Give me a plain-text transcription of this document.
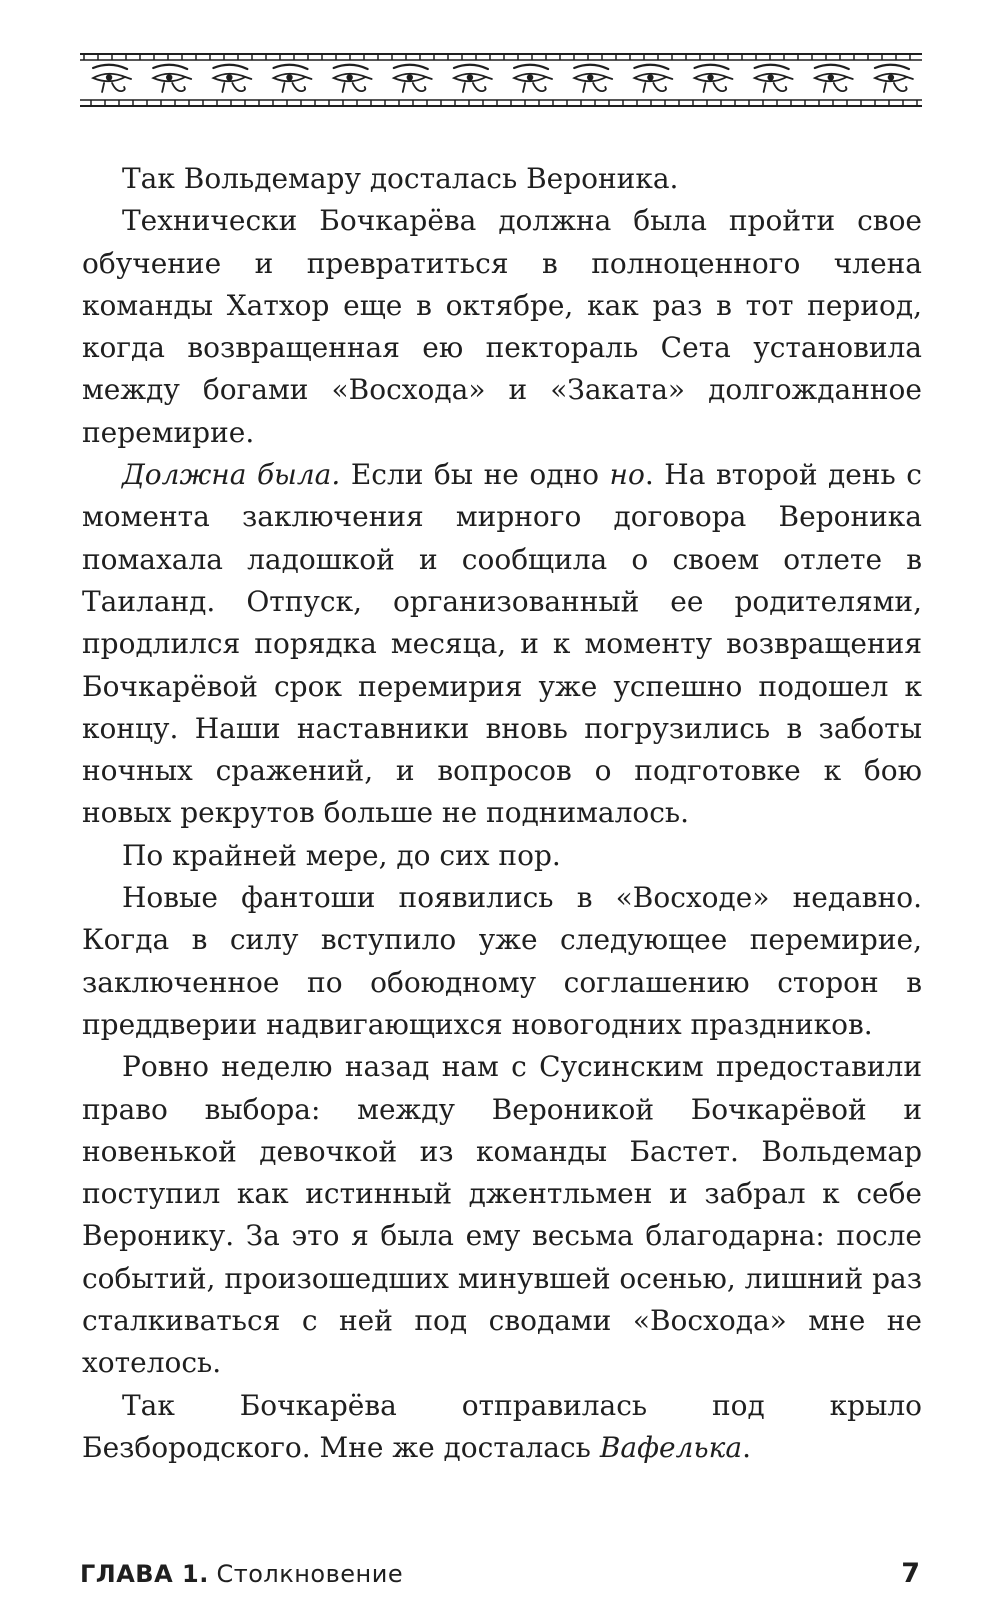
Так Вольдемару досталась Вероника.

Технически Бочкарёва должна была пройти свое обучение и превратиться в полноценного члена команды Хатхор еще в октябре, как раз в тот период, когда возвращенная ею пектораль Сета установила между богами «Восхода» и «Заката» долгожданное перемирие.

Должна была. Если бы не одно но. На второй день с момента заключения мирного договора Вероника помахала ладошкой и сообщила о своем отлете в Таиланд. Отпуск, организованный ее родителями, продлился порядка месяца, и к моменту возвращения Бочкарёвой срок перемирия уже успешно подошел к концу. Наши наставники вновь погрузились в заботы ночных сражений, и вопросов о подготовке к бою новых рекрутов больше не поднималось.

По крайней мере, до сих пор.

Новые фантоши появились в «Восходе» недавно. Когда в силу вступило уже следующее перемирие, заключенное по обоюдному соглашению сторон в преддверии надвигающихся новогодних праздников.

Ровно неделю назад нам с Сусинским предоставили право выбора: между Вероникой Бочкарёвой и новенькой девочкой из команды Бастет. Вольдемар поступил как истинный джентльмен и забрал к себе Веронику. За это я была ему весьма благодарна: после событий, произошедших минувшей осенью, лишний раз сталкиваться с ней под сводами «Восхода» мне не хотелось.

Так Бочкарёва отправилась под крыло Безбородского. Мне же досталась Вафелька.

ГЛАВА 1. Столкновение	7
